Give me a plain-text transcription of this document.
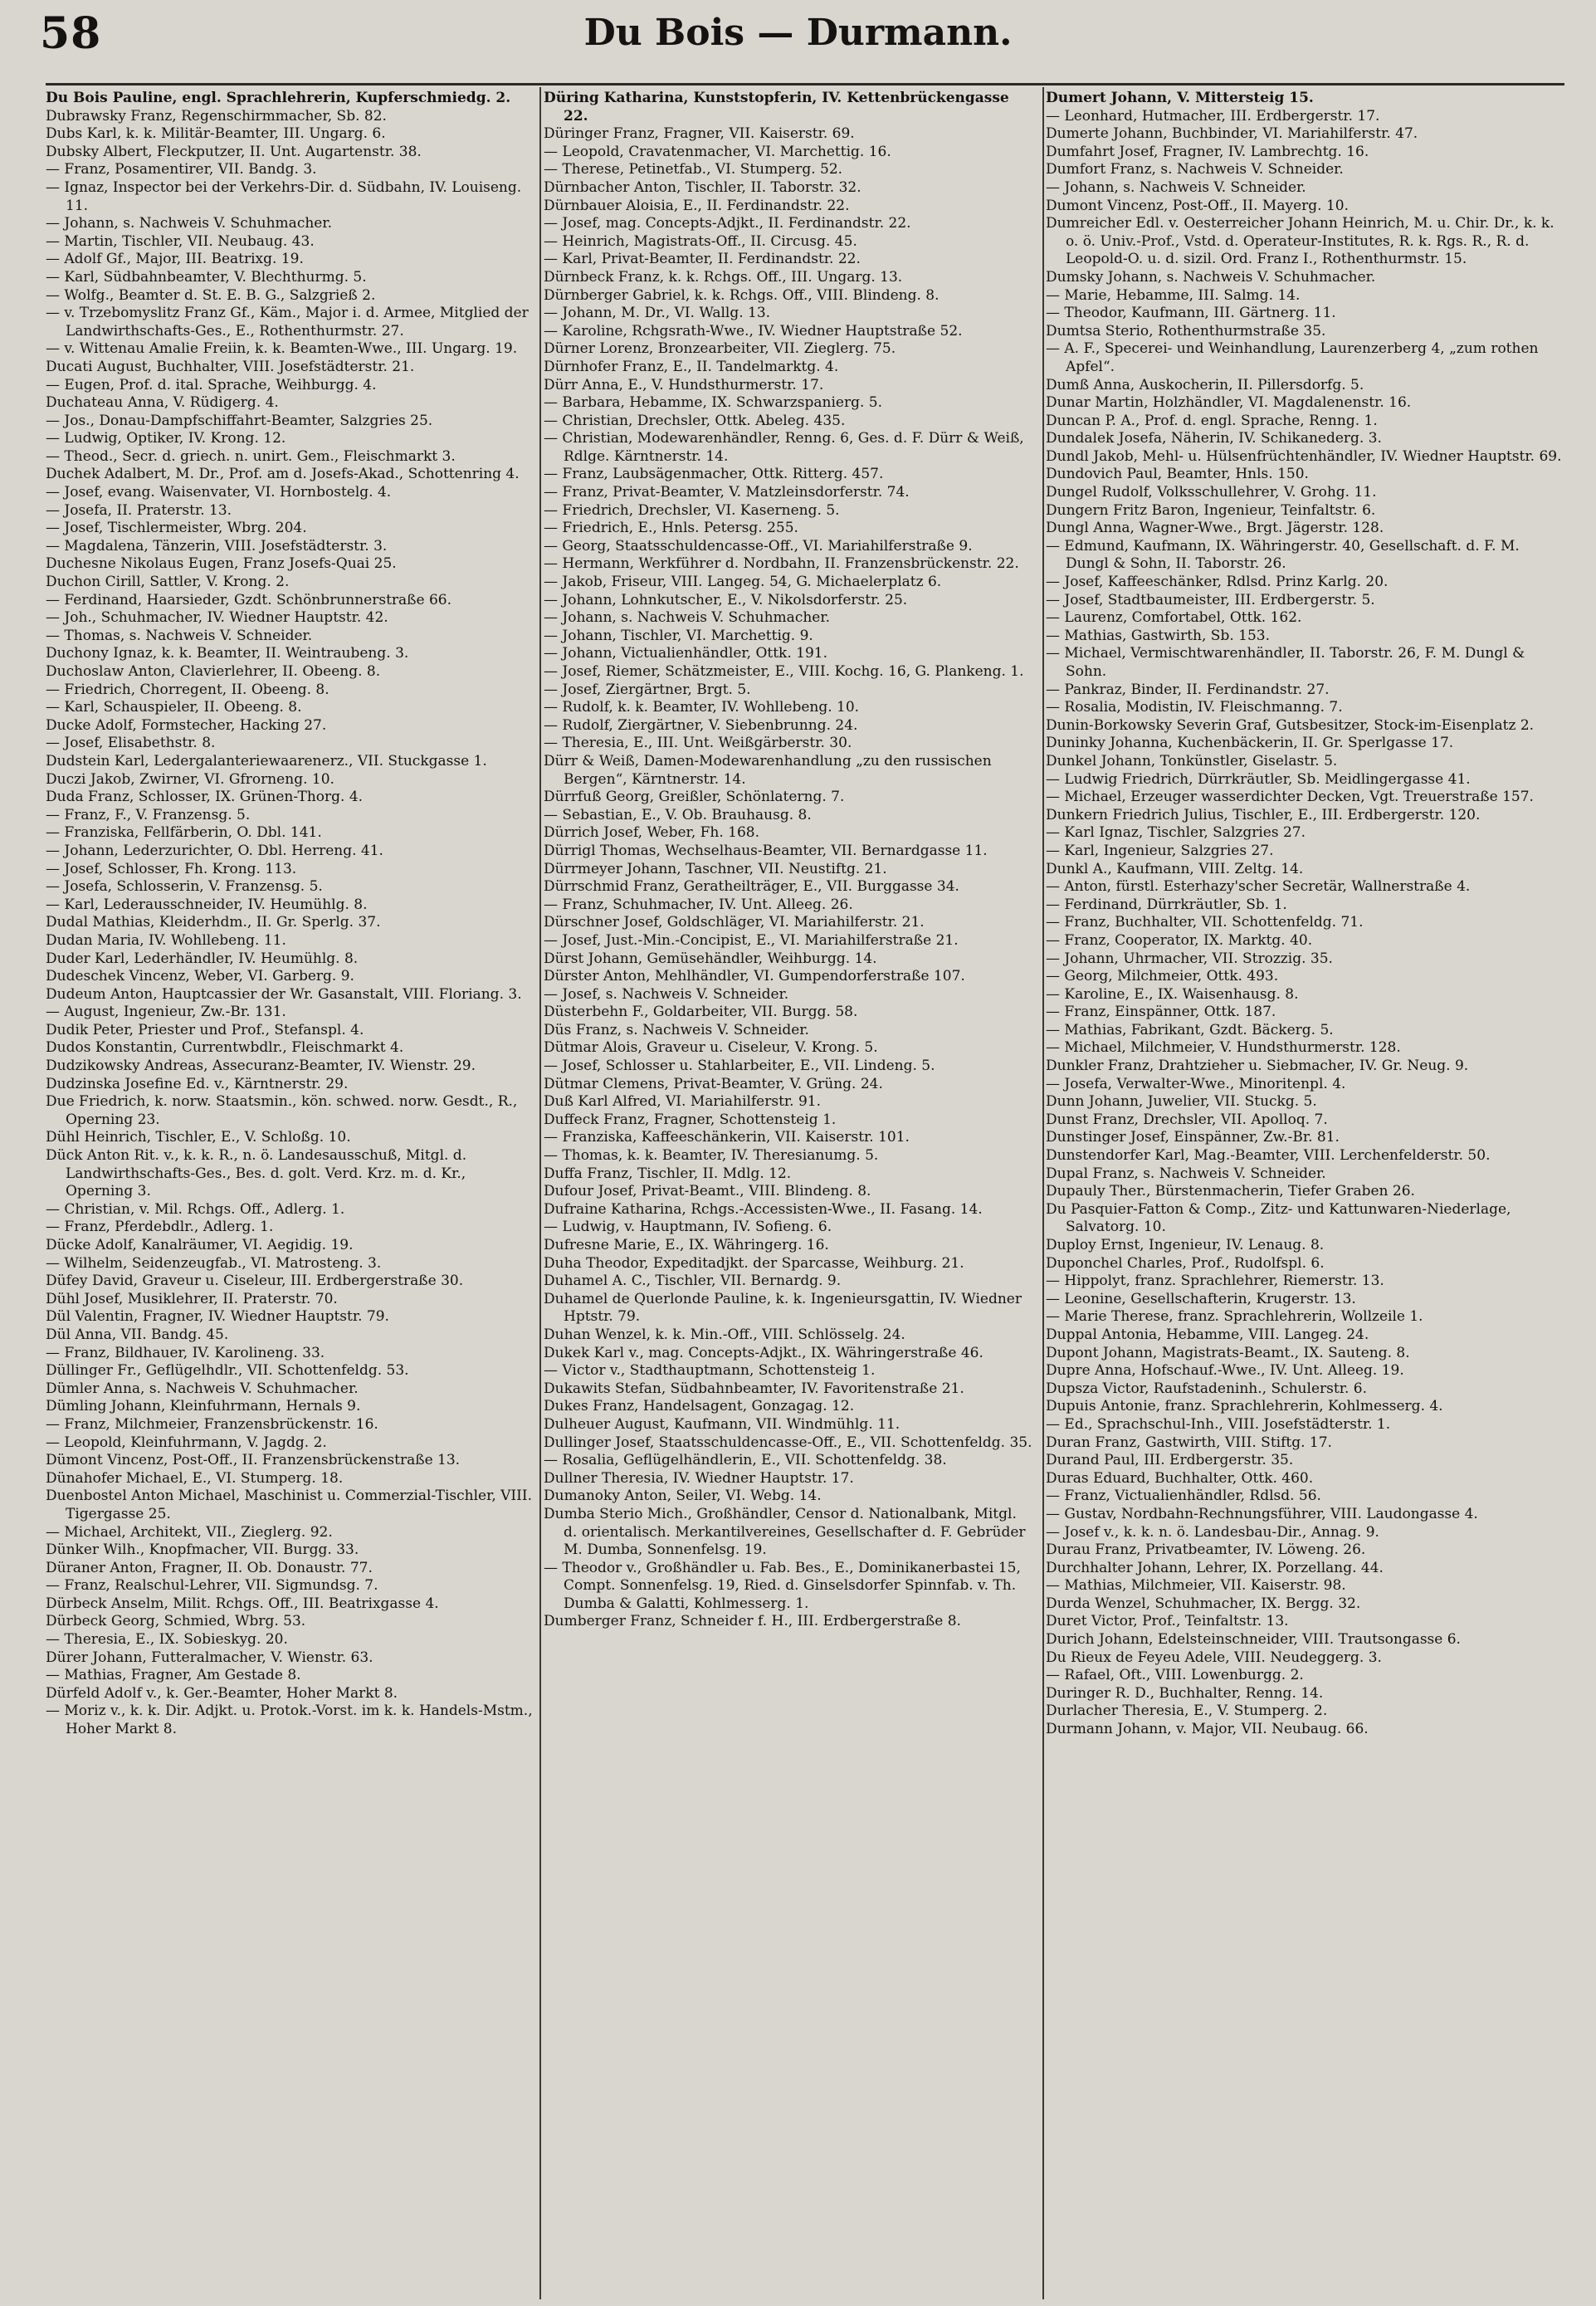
58	Du Bois — Durmann.
Du Bois Pauline, engl. Sprachlehrerin, Kupferschmiedg. 2.
Dubrawsky Franz, Regenschirmmacher, Sb. 82.
Dubs Karl, k. k. Militär-Beamter, III. Ungarg. 6.
Dubsky Albert, Fleckputzer, II. Unt. Augartenstr. 38.
— Franz, Posamentirer, VII. Bandg. 3.
— Ignaz, Inspector bei der Verkehrs-Dir. d. Südbahn, IV. Louiseng. 11.
— Johann, s. Nachweis V. Schuhmacher.
— Martin, Tischler, VII. Neubaug. 43.
— Adolf Gf., Major, III. Beatrixg. 19.
— Karl, Südbahnbeamter, V. Blechthurmg. 5.
— Wolfg., Beamter d. St. E. B. G., Salzgrieß 2.
— v. Trzebomyslitz Franz Gf., Käm., Major i. d. Armee, Mitglied der Landwirthschafts-Ges., E., Rothenthurmstr. 27.
— v. Wittenau Amalie Freiin, k. k. Beamten-Wwe., III. Ungarg. 19.
Ducati August, Buchhalter, VIII. Josefstädterstr. 21.
— Eugen, Prof. d. ital. Sprache, Weihburgg. 4.
Duchateau Anna, V. Rüdigerg. 4.
— Jos., Donau-Dampfschiffahrt-Beamter, Salzgries 25.
— Ludwig, Optiker, IV. Krong. 12.
— Theod., Secr. d. griech. n. unirt. Gem., Fleischmarkt 3.
Duchek Adalbert, M. Dr., Prof. am d. Josefs-Akad., Schottenring 4.
— Josef, evang. Waisenvater, VI. Hornbostelg. 4.
— Josefa, II. Praterstr. 13.
— Josef, Tischlermeister, Wbrg. 204.
— Magdalena, Tänzerin, VIII. Josefstädterstr. 3.
Duchesne Nikolaus Eugen, Franz Josefs-Quai 25.
Duchon Cirill, Sattler, V. Krong. 2.
— Ferdinand, Haarsieder, Gzdt. Schönbrunnerstraße 66.
— Joh., Schuhmacher, IV. Wiedner Hauptstr. 42.
— Thomas, s. Nachweis V. Schneider.
Duchony Ignaz, k. k. Beamter, II. Weintraubeng. 3.
Duchoslaw Anton, Clavierlehrer, II. Obeeng. 8.
— Friedrich, Chorregent, II. Obeeng. 8.
— Karl, Schauspieler, II. Obeeng. 8.
Ducke Adolf, Formstecher, Hacking 27.
— Josef, Elisabethstr. 8.
Dudstein Karl, Ledergalanteriewaarenerz., VII. Stuckgasse 1.
Duczi Jakob, Zwirner, VI. Gfrorneng. 10.
Duda Franz, Schlosser, IX. Grünen-Thorg. 4.
— Franz, F., V. Franzensg. 5.
— Franziska, Fellfärberin, O. Dbl. 141.
— Johann, Lederzurichter, O. Dbl. Herreng. 41.
— Josef, Schlosser, Fh. Krong. 113.
— Josefa, Schlosserin, V. Franzensg. 5.
— Karl, Lederausschneider, IV. Heumühlg. 8.
Dudal Mathias, Kleiderhdm., II. Gr. Sperlg. 37.
Dudan Maria, IV. Wohllebeng. 11.
Duder Karl, Lederhändler, IV. Heumühlg. 8.
Dudeschek Vincenz, Weber, VI. Garberg. 9.
Dudeum Anton, Hauptcassier der Wr. Gasanstalt, VIII. Floriang. 3.
— August, Ingenieur, Zw.-Br. 131.
Dudik Peter, Priester und Prof., Stefanspl. 4.
Dudos Konstantin, Currentwbdlr., Fleischmarkt 4.
Dudzikowsky Andreas, Assecuranz-Beamter, IV. Wienstr. 29.
Dudzinska Josefine Ed. v., Kärntnerstr. 29.
Due Friedrich, k. norw. Staatsmin., kön. schwed. norw. Gesdt., R., Operning 23.
Dühl Heinrich, Tischler, E., V. Schloßg. 10.
Dück Anton Rit. v., k. k. R., n. ö. Landesausschuß, Mitgl. d. Landwirthschafts-Ges., Bes. d. golt. Verd. Krz. m. d. Kr., Operning 3.
— Christian, v. Mil. Rchgs. Off., Adlerg. 1.
— Franz, Pferdebdlr., Adlerg. 1.
Dücke Adolf, Kanalräumer, VI. Aegidig. 19.
— Wilhelm, Seidenzeugfab., VI. Matrosteng. 3.
Düfey David, Graveur u. Ciseleur, III. Erdbergerstraße 30.
Dühl Josef, Musiklehrer, II. Praterstr. 70.
Dül Valentin, Fragner, IV. Wiedner Hauptstr. 79.
Dül Anna, VII. Bandg. 45.
— Franz, Bildhauer, IV. Karolineng. 33.
Düllinger Fr., Geflügelhdlr., VII. Schottenfeldg. 53.
Dümler Anna, s. Nachweis V. Schuhmacher.
Dümling Johann, Kleinfuhrmann, Hernals 9.
— Franz, Milchmeier, Franzensbrückenstr. 16.
— Leopold, Kleinfuhrmann, V. Jagdg. 2.
Dümont Vincenz, Post-Off., II. Franzensbrückenstraße 13.
Dünahofer Michael, E., VI. Stumperg. 18.
Duenbostel Anton Michael, Maschinist u. Commerzial-Tischler, VIII. Tigergasse 25.
— Michael, Architekt, VII., Zieglerg. 92.
Dünker Wilh., Knopfmacher, VII. Burgg. 33.
Düraner Anton, Fragner, II. Ob. Donaustr. 77.
— Franz, Realschul-Lehrer, VII. Sigmundsg. 7.
Dürbeck Anselm, Milit. Rchgs. Off., III. Beatrixgasse 4.
Dürbeck Georg, Schmied, Wbrg. 53.
— Theresia, E., IX. Sobieskyg. 20.
Dürer Johann, Futteralmacher, V. Wienstr. 63.
— Mathias, Fragner, Am Gestade 8.
Dürfeld Adolf v., k. Ger.-Beamter, Hoher Markt 8.
— Moriz v., k. k. Dir. Adjkt. u. Protok.-Vorst. im k. k. Handels-Mstm., Hoher Markt 8.
Düring Katharina, Kunststopferin, IV. Kettenbrückengasse 22.
Düringer Franz, Fragner, VII. Kaiserstr. 69.
— Leopold, Cravatenmacher, VI. Marchettig. 16.
— Therese, Petinetfab., VI. Stumperg. 52.
Dürnbacher Anton, Tischler, II. Taborstr. 32.
Dürnbauer Aloisia, E., II. Ferdinandstr. 22.
— Josef, mag. Concepts-Adjkt., II. Ferdinandstr. 22.
— Heinrich, Magistrats-Off., II. Circusg. 45.
— Karl, Privat-Beamter, II. Ferdinandstr. 22.
Dürnbeck Franz, k. k. Rchgs. Off., III. Ungarg. 13.
Dürnberger Gabriel, k. k. Rchgs. Off., VIII. Blindeng. 8.
— Johann, M. Dr., VI. Wallg. 13.
— Karoline, Rchgsrath-Wwe., IV. Wiedner Hauptstraße 52.
Dürner Lorenz, Bronzearbeiter, VII. Zieglerg. 75.
Dürnhofer Franz, E., II. Tandelmarktg. 4.
Dürr Anna, E., V. Hundsthurmerstr. 17.
— Barbara, Hebamme, IX. Schwarzspanierg. 5.
— Christian, Drechsler, Ottk. Abeleg. 435.
— Christian, Modewarenhändler, Renng. 6, Ges. d. F. Dürr & Weiß, Rdlge. Kärntnerstr. 14.
— Franz, Laubsägenmacher, Ottk. Ritterg. 457.
— Franz, Privat-Beamter, V. Matzleinsdorferstr. 74.
— Friedrich, Drechsler, VI. Kaserneng. 5.
— Friedrich, E., Hnls. Petersg. 255.
— Georg, Staatsschuldencasse-Off., VI. Mariahilferstraße 9.
— Hermann, Werkführer d. Nordbahn, II. Franzensbrückenstr. 22.
— Jakob, Friseur, VIII. Langeg. 54, G. Michaelerplatz 6.
— Johann, Lohnkutscher, E., V. Nikolsdorferstr. 25.
— Johann, s. Nachweis V. Schuhmacher.
— Johann, Tischler, VI. Marchettig. 9.
— Johann, Victualienhändler, Ottk. 191.
— Josef, Riemer, Schätzmeister, E., VIII. Kochg. 16, G. Plankeng. 1.
— Josef, Ziergärtner, Brgt. 5.
— Rudolf, k. k. Beamter, IV. Wohllebeng. 10.
— Rudolf, Ziergärtner, V. Siebenbrunng. 24.
— Theresia, E., III. Unt. Weißgärberstr. 30.
Dürr & Weiß, Damen-Modewarenhandlung „zu den russischen Bergen“, Kärntnerstr. 14.
Dürrfuß Georg, Greißler, Schönlaterng. 7.
— Sebastian, E., V. Ob. Brauhausg. 8.
Dürrich Josef, Weber, Fh. 168.
Dürrigl Thomas, Wechselhaus-Beamter, VII. Bernardgasse 11.
Dürrmeyer Johann, Taschner, VII. Neustiftg. 21.
Dürrschmid Franz, Geratheilträger, E., VII. Burggasse 34.
— Franz, Schuhmacher, IV. Unt. Alleeg. 26.
Dürschner Josef, Goldschläger, VI. Mariahilferstr. 21.
— Josef, Just.-Min.-Concipist, E., VI. Mariahilferstraße 21.
Dürst Johann, Gemüsehändler, Weihburgg. 14.
Dürster Anton, Mehlhändler, VI. Gumpendorferstraße 107.
— Josef, s. Nachweis V. Schneider.
Düsterbehn F., Goldarbeiter, VII. Burgg. 58.
Düs Franz, s. Nachweis V. Schneider.
Dütmar Alois, Graveur u. Ciseleur, V. Krong. 5.
— Josef, Schlosser u. Stahlarbeiter, E., VII. Lindeng. 5.
Dütmar Clemens, Privat-Beamter, V. Grüng. 24.
Duß Karl Alfred, VI. Mariahilferstr. 91.
Duffeck Franz, Fragner, Schottensteig 1.
— Franziska, Kaffeeschänkerin, VII. Kaiserstr. 101.
— Thomas, k. k. Beamter, IV. Theresianumg. 5.
Duffa Franz, Tischler, II. Mdlg. 12.
Dufour Josef, Privat-Beamt., VIII. Blindeng. 8.
Dufraine Katharina, Rchgs.-Accessisten-Wwe., II. Fasang. 14.
— Ludwig, v. Hauptmann, IV. Sofieng. 6.
Dufresne Marie, E., IX. Währingerg. 16.
Duha Theodor, Expeditadjkt. der Sparcasse, Weihburg. 21.
Duhamel A. C., Tischler, VII. Bernardg. 9.
Duhamel de Querlonde Pauline, k. k. Ingenieursgattin, IV. Wiedner Hptstr. 79.
Duhan Wenzel, k. k. Min.-Off., VIII. Schlösselg. 24.
Dukek Karl v., mag. Concepts-Adjkt., IX. Währingerstraße 46.
— Victor v., Stadthauptmann, Schottensteig 1.
Dukawits Stefan, Südbahnbeamter, IV. Favoritenstraße 21.
Dukes Franz, Handelsagent, Gonzagag. 12.
Dulheuer August, Kaufmann, VII. Windmühlg. 11.
Dullinger Josef, Staatsschuldencasse-Off., E., VII. Schottenfeldg. 35.
— Rosalia, Geflügelhändlerin, E., VII. Schottenfeldg. 38.
Dullner Theresia, IV. Wiedner Hauptstr. 17.
Dumanoky Anton, Seiler, VI. Webg. 14.
Dumba Sterio Mich., Großhändler, Censor d. Nationalbank, Mitgl. d. orientalisch. Merkantilvereines, Gesellschafter d. F. Gebrüder M. Dumba, Sonnenfelsg. 19.
— Theodor v., Großhändler u. Fab. Bes., E., Dominikanerbastei 15, Compt. Sonnenfelsg. 19, Ried. d. Ginselsdorfer Spinnfab. v. Th. Dumba & Galatti, Kohlmesserg. 1.
Dumberger Franz, Schneider f. H., III. Erdbergerstraße 8.
Dumert Johann, V. Mittersteig 15.
— Leonhard, Hutmacher, III. Erdbergerstr. 17.
Dumerte Johann, Buchbinder, VI. Mariahilferstr. 47.
Dumfahrt Josef, Fragner, IV. Lambrechtg. 16.
Dumfort Franz, s. Nachweis V. Schneider.
— Johann, s. Nachweis V. Schneider.
Dumont Vincenz, Post-Off., II. Mayerg. 10.
Dumreicher Edl. v. Oesterreicher Johann Heinrich, M. u. Chir. Dr., k. k. o. ö. Univ.-Prof., Vstd. d. Operateur-Institutes, R. k. Rgs. R., R. d. Leopold-O. u. d. sizil. Ord. Franz I., Rothenthurmstr. 15.
Dumsky Johann, s. Nachweis V. Schuhmacher.
— Marie, Hebamme, III. Salmg. 14.
— Theodor, Kaufmann, III. Gärtnerg. 11.
Dumtsa Sterio, Rothenthurmstraße 35.
— A. F., Specerei- und Weinhandlung, Laurenzerberg 4, „zum rothen Apfel“.
Dumß Anna, Auskocherin, II. Pillersdorfg. 5.
Dunar Martin, Holzhändler, VI. Magdalenenstr. 16.
Duncan P. A., Prof. d. engl. Sprache, Renng. 1.
Dundalek Josefa, Näherin, IV. Schikanederg. 3.
Dundl Jakob, Mehl- u. Hülsenfrüchtenhändler, IV. Wiedner Hauptstr. 69.
Dundovich Paul, Beamter, Hnls. 150.
Dungel Rudolf, Volksschullehrer, V. Grohg. 11.
Dungern Fritz Baron, Ingenieur, Teinfaltstr. 6.
Dungl Anna, Wagner-Wwe., Brgt. Jägerstr. 128.
— Edmund, Kaufmann, IX. Währingerstr. 40, Gesellschaft. d. F. M. Dungl & Sohn, II. Taborstr. 26.
— Josef, Kaffeeschänker, Rdlsd. Prinz Karlg. 20.
— Josef, Stadtbaumeister, III. Erdbergerstr. 5.
— Laurenz, Comfortabel, Ottk. 162.
— Mathias, Gastwirth, Sb. 153.
— Michael, Vermischtwarenhändler, II. Taborstr. 26, F. M. Dungl & Sohn.
— Pankraz, Binder, II. Ferdinandstr. 27.
— Rosalia, Modistin, IV. Fleischmanng. 7.
Dunin-Borkowsky Severin Graf, Gutsbesitzer, Stock-im-Eisenplatz 2.
Duninky Johanna, Kuchenbäckerin, II. Gr. Sperlgasse 17.
Dunkel Johann, Tonkünstler, Giselastr. 5.
— Ludwig Friedrich, Dürrkräutler, Sb. Meidlingergasse 41.
— Michael, Erzeuger wasserdichter Decken, Vgt. Treuerstraße 157.
Dunkern Friedrich Julius, Tischler, E., III. Erdbergerstr. 120.
— Karl Ignaz, Tischler, Salzgries 27.
— Karl, Ingenieur, Salzgries 27.
Dunkl A., Kaufmann, VIII. Zeltg. 14.
— Anton, fürstl. Esterhazy'scher Secretär, Wallnerstraße 4.
— Ferdinand, Dürrkräutler, Sb. 1.
— Franz, Buchhalter, VII. Schottenfeldg. 71.
— Franz, Cooperator, IX. Marktg. 40.
— Johann, Uhrmacher, VII. Strozzig. 35.
— Georg, Milchmeier, Ottk. 493.
— Karoline, E., IX. Waisenhausg. 8.
— Franz, Einspänner, Ottk. 187.
— Mathias, Fabrikant, Gzdt. Bäckerg. 5.
— Michael, Milchmeier, V. Hundsthurmerstr. 128.
Dunkler Franz, Drahtzieher u. Siebmacher, IV. Gr. Neug. 9.
— Josefa, Verwalter-Wwe., Minoritenpl. 4.
Dunn Johann, Juwelier, VII. Stuckg. 5.
Dunst Franz, Drechsler, VII. Apolloq. 7.
Dunstinger Josef, Einspänner, Zw.-Br. 81.
Dunstendorfer Karl, Mag.-Beamter, VIII. Lerchenfelderstr. 50.
Dupal Franz, s. Nachweis V. Schneider.
Dupauly Ther., Bürstenmacherin, Tiefer Graben 26.
Du Pasquier-Fatton & Comp., Zitz- und Kattunwaren-Niederlage, Salvatorg. 10.
Duploy Ernst, Ingenieur, IV. Lenaug. 8.
Duponchel Charles, Prof., Rudolfspl. 6.
— Hippolyt, franz. Sprachlehrer, Riemerstr. 13.
— Leonine, Gesellschafterin, Krugerstr. 13.
— Marie Therese, franz. Sprachlehrerin, Wollzeile 1.
Duppal Antonia, Hebamme, VIII. Langeg. 24.
Dupont Johann, Magistrats-Beamt., IX. Sauteng. 8.
Dupre Anna, Hofschauf.-Wwe., IV. Unt. Alleeg. 19.
Dupsza Victor, Raufstadeninh., Schulerstr. 6.
Dupuis Antonie, franz. Sprachlehrerin, Kohlmesserg. 4.
— Ed., Sprachschul-Inh., VIII. Josefstädterstr. 1.
Duran Franz, Gastwirth, VIII. Stiftg. 17.
Durand Paul, III. Erdbergerstr. 35.
Duras Eduard, Buchhalter, Ottk. 460.
— Franz, Victualienhändler, Rdlsd. 56.
— Gustav, Nordbahn-Rechnungsführer, VIII. Laudongasse 4.
— Josef v., k. k. n. ö. Landesbau-Dir., Annag. 9.
Durau Franz, Privatbeamter, IV. Löweng. 26.
Durchhalter Johann, Lehrer, IX. Porzellang. 44.
— Mathias, Milchmeier, VII. Kaiserstr. 98.
Durda Wenzel, Schuhmacher, IX. Bergg. 32.
Duret Victor, Prof., Teinfaltstr. 13.
Durich Johann, Edelsteinschneider, VIII. Trautsongasse 6.
Du Rieux de Feyeu Adele, VIII. Neudeggerg. 3.
— Rafael, Oft., VIII. Lowenburgg. 2.
Duringer R. D., Buchhalter, Renng. 14.
Durlacher Theresia, E., V. Stumperg. 2.
Durmann Johann, v. Major, VII. Neubaug. 66.
